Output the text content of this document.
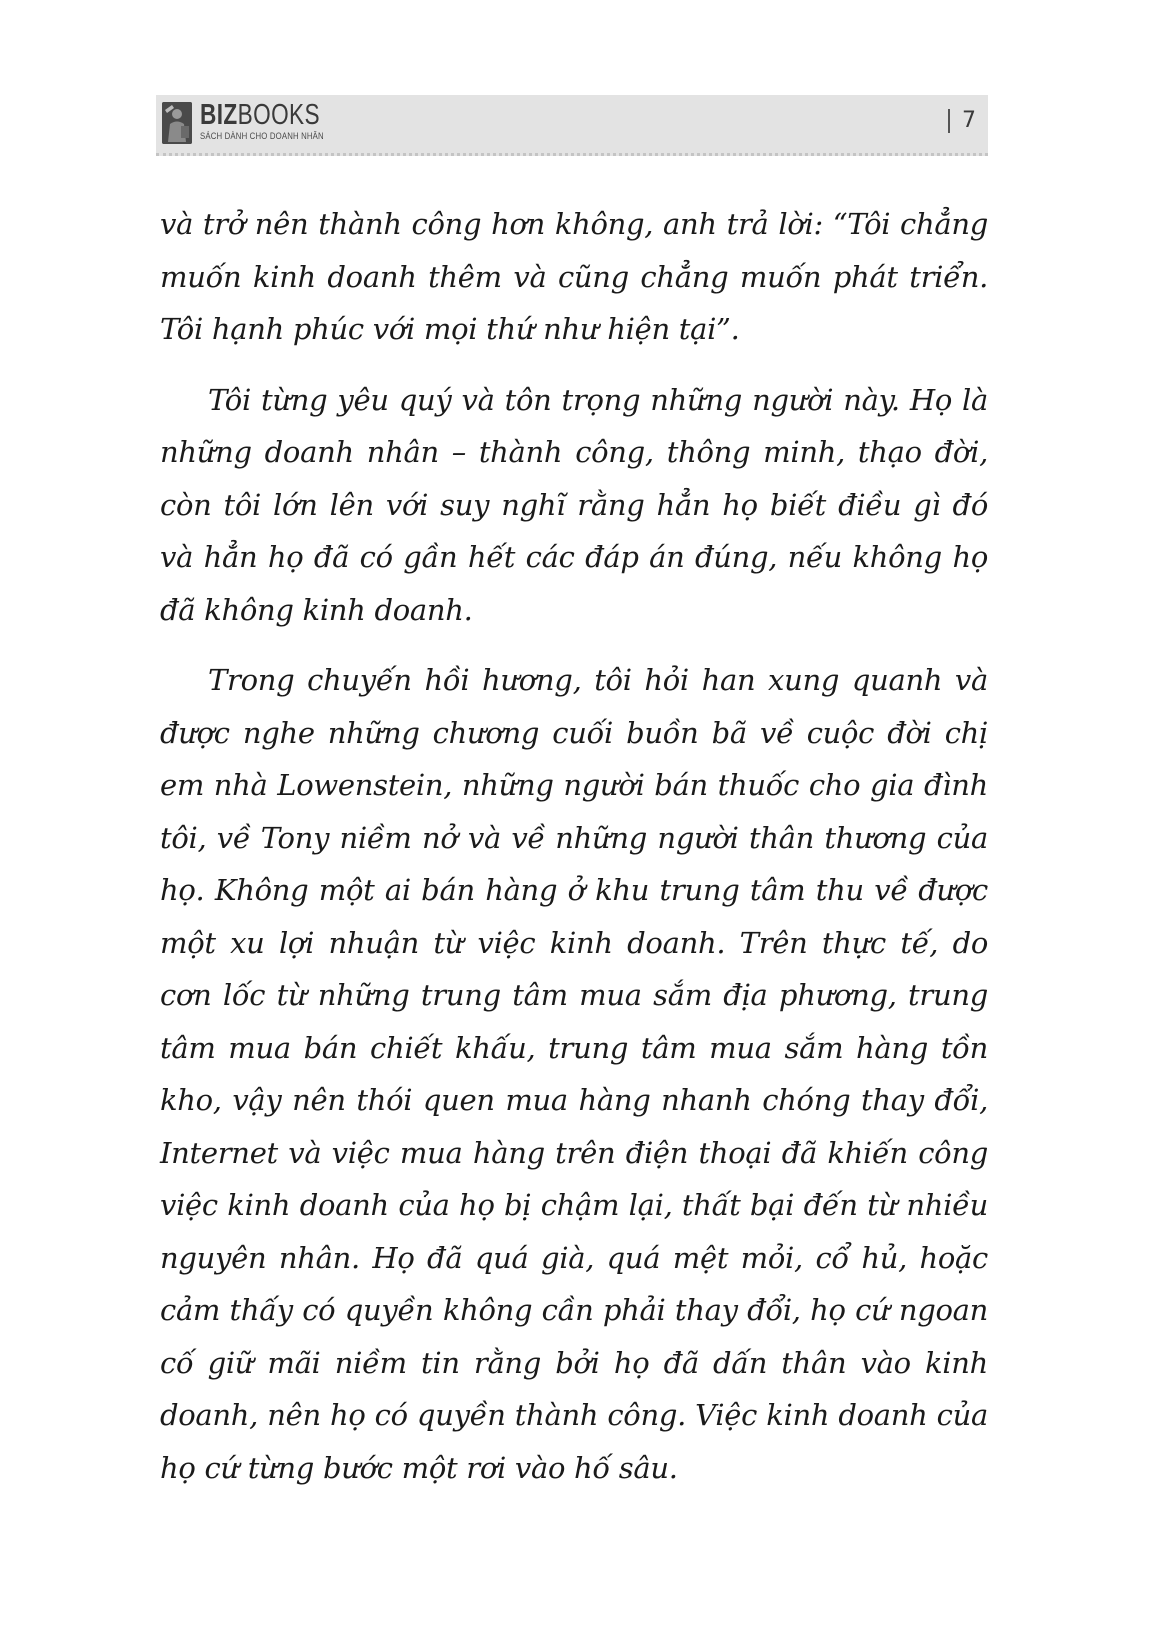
BIZBOOKS
SÁCH DÀNH CHO DOANH NHÂN
7

và trở nên thành công hơn không, anh trả lời: “Tôi chẳng muốn kinh doanh thêm và cũng chẳng muốn phát triển. Tôi hạnh phúc với mọi thứ như hiện tại”.

Tôi từng yêu quý và tôn trọng những người này. Họ là những doanh nhân – thành công, thông minh, thạo đời, còn tôi lớn lên với suy nghĩ rằng hẳn họ biết điều gì đó và hẳn họ đã có gần hết các đáp án đúng, nếu không họ đã không kinh doanh.

Trong chuyến hồi hương, tôi hỏi han xung quanh và được nghe những chương cuối buồn bã về cuộc đời chị em nhà Lowenstein, những người bán thuốc cho gia đình tôi, về Tony niềm nở và về những người thân thương của họ. Không một ai bán hàng ở khu trung tâm thu về được một xu lợi nhuận từ việc kinh doanh. Trên thực tế, do cơn lốc từ những trung tâm mua sắm địa phương, trung tâm mua bán chiết khấu, trung tâm mua sắm hàng tồn kho, vậy nên thói quen mua hàng nhanh chóng thay đổi, Internet và việc mua hàng trên điện thoại đã khiến công việc kinh doanh của họ bị chậm lại, thất bại đến từ nhiều nguyên nhân. Họ đã quá già, quá mệt mỏi, cổ hủ, hoặc cảm thấy có quyền không cần phải thay đổi, họ cứ ngoan cố giữ mãi niềm tin rằng bởi họ đã dấn thân vào kinh doanh, nên họ có quyền thành công. Việc kinh doanh của họ cứ từng bước một rơi vào hố sâu.
